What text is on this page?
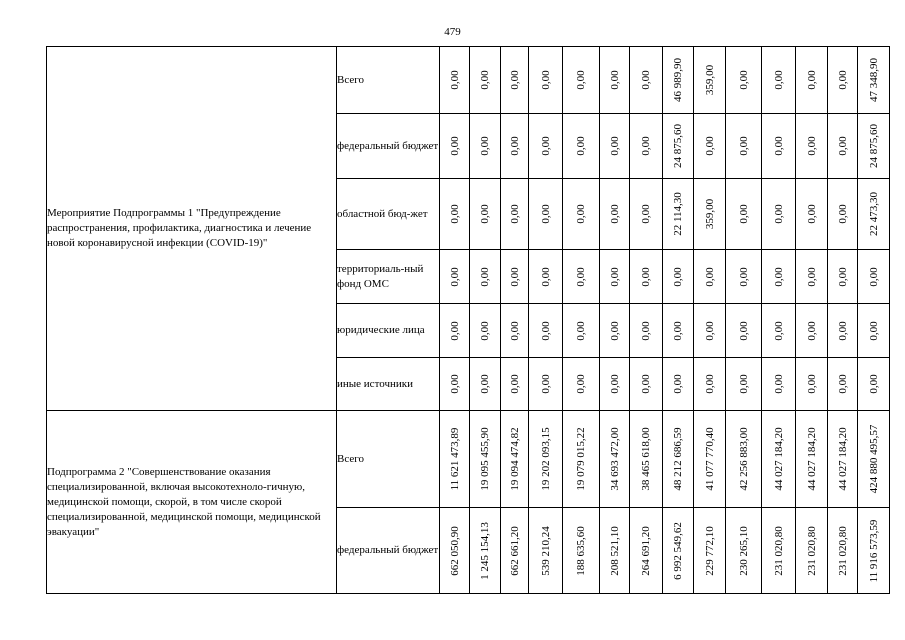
479
Мероприятие Подпрограммы 1 "Предупреждение распространения, профилактика, диагностика и лечение новой коронавирусной инфекции (COVID-19)"	Всего	0,00	0,00	0,00	0,00	0,00	0,00	0,00	46 989,90	359,00	0,00	0,00	0,00	0,00	47 348,90

	федеральный бюджет	0,00	0,00	0,00	0,00	0,00	0,00	0,00	24 875,60	0,00	0,00	0,00	0,00	0,00	24 875,60

	областной бюд-жет	0,00	0,00	0,00	0,00	0,00	0,00	0,00	22 114,30	359,00	0,00	0,00	0,00	0,00	22 473,30

	территориаль-ный фонд ОМС	0,00	0,00	0,00	0,00	0,00	0,00	0,00	0,00	0,00	0,00	0,00	0,00	0,00	0,00

	юридические лица	0,00	0,00	0,00	0,00	0,00	0,00	0,00	0,00	0,00	0,00	0,00	0,00	0,00	0,00

	иные источники	0,00	0,00	0,00	0,00	0,00	0,00	0,00	0,00	0,00	0,00	0,00	0,00	0,00	0,00

Подпрограмма 2 "Совершенствование оказания специализированной, включая высокотехноло-гичную, медицинской помощи, скорой, в том числе скорой специализированной, медицинской помощи, медицинской эвакуации"	Всего	11 621 473,89	19 095 455,90	19 094 474,82	19 202 093,15	19 079 015,22	34 693 472,00	38 465 618,00	48 212 686,59	41 077 770,40	42 256 883,00	44 027 184,20	44 027 184,20	44 027 184,20	424 880 495,57

	федеральный бюджет	662 050,90	1 245 154,13	662 661,20	539 210,24	188 635,60	208 521,10	264 691,20	6 992 549,62	229 772,10	230 265,10	231 020,80	231 020,80	231 020,80	11 916 573,59
